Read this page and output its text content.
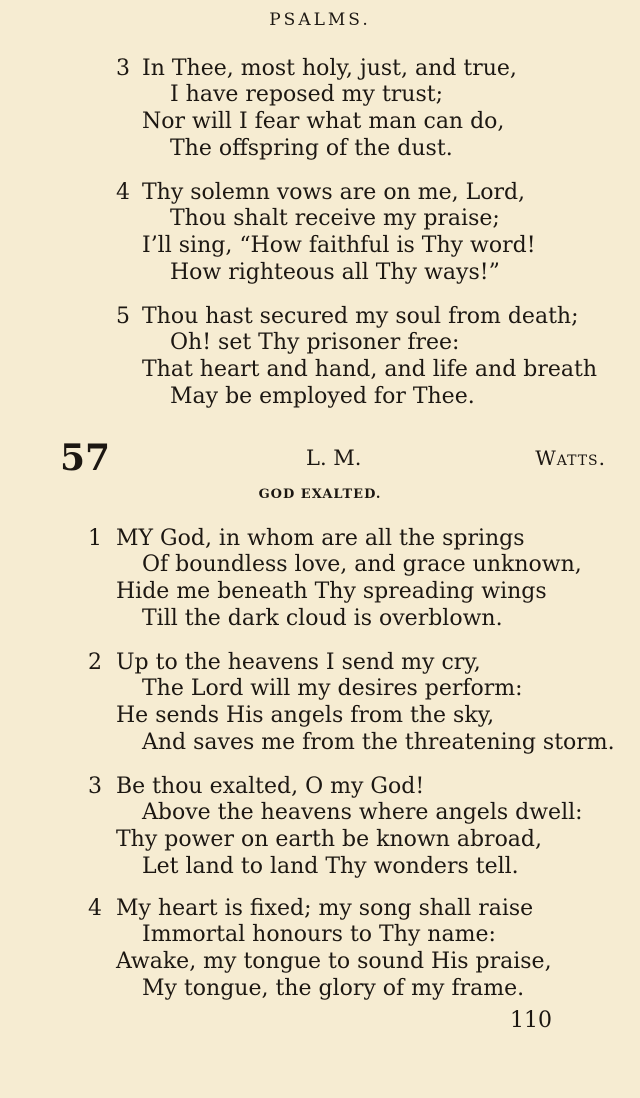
PSALMS.
3 In Thee, most holy, just, and true,
I have reposed my trust;
Nor will I fear what man can do,
The offspring of the dust.
4 Thy solemn vows are on me, Lord,
Thou shalt receive my praise;
I’ll sing, “How faithful is Thy word!
How righteous all Thy ways!”
5 Thou hast secured my soul from death;
Oh! set Thy prisoner free:
That heart and hand, and life and breath
May be employed for Thee.
57	L. M.	Watts.
GOD EXALTED.
1 MY God, in whom are all the springs
Of boundless love, and grace unknown,
Hide me beneath Thy spreading wings
Till the dark cloud is overblown.
2 Up to the heavens I send my cry,
The Lord will my desires perform:
He sends His angels from the sky,
And saves me from the threatening storm.
3 Be thou exalted, O my God!
Above the heavens where angels dwell:
Thy power on earth be known abroad,
Let land to land Thy wonders tell.
4 My heart is fixed; my song shall raise
Immortal honours to Thy name:
Awake, my tongue to sound His praise,
My tongue, the glory of my frame.
110
